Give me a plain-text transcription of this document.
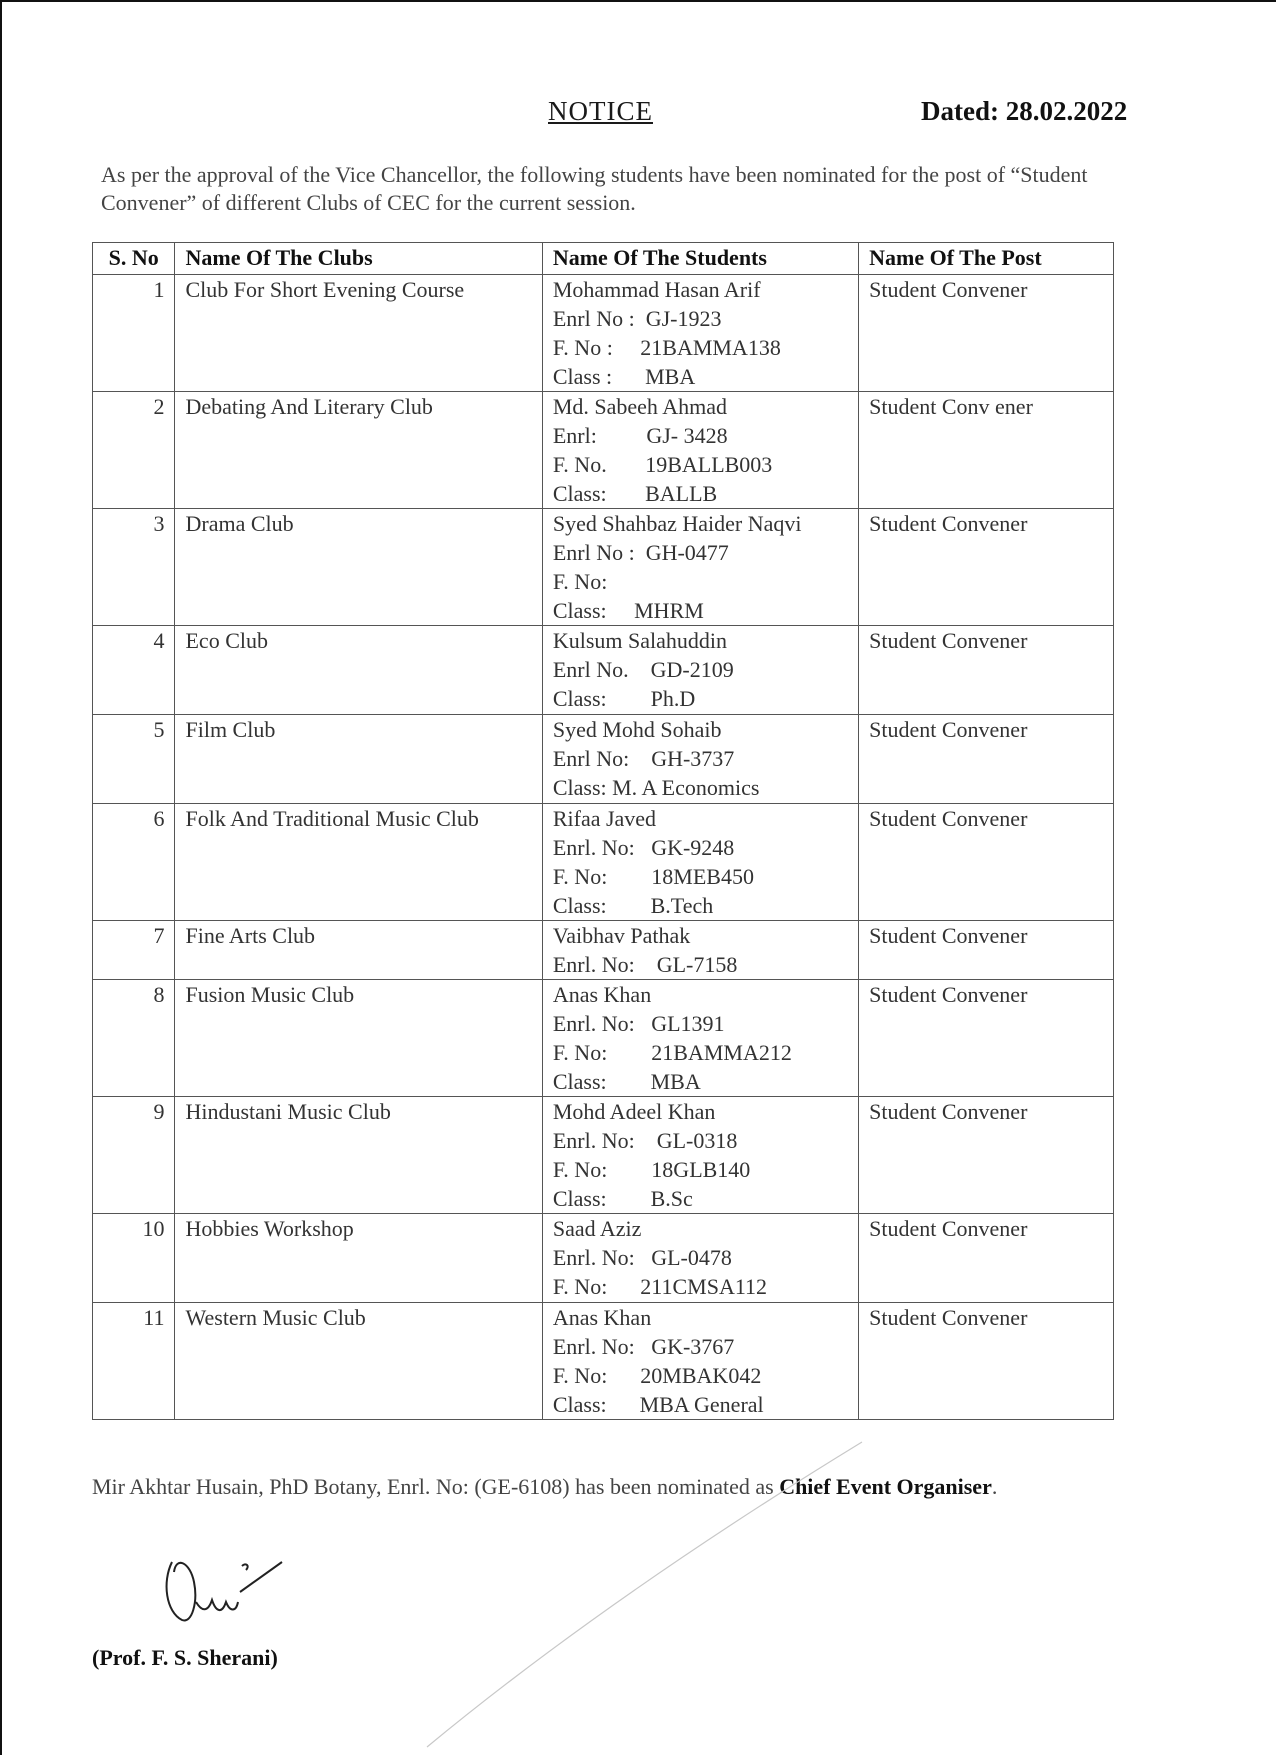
NOTICE	Dated: 28.02.2022
As per the approval of the Vice Chancellor, the following students have been nominated for the post of “Student Convener” of different Clubs of CEC for the current session.
S. No	Name Of The Clubs	Name Of The Students	Name Of The Post
1	Club For Short Evening Course	Mohammad Hasan Arif
Enrl No :  GJ-1923
F. No :     21BAMMA138
Class :      MBA	Student Convener
2	Debating And Literary Club	Md. Sabeeh Ahmad
Enrl:         GJ- 3428
F. No.       19BALLB003
Class:       BALLB	Student Conv ener
3	Drama Club	Syed Shahbaz Haider Naqvi
Enrl No :  GH-0477
F. No:
Class:     MHRM	Student Convener
4	Eco Club	Kulsum Salahuddin
Enrl No.    GD-2109
Class:        Ph.D	Student Convener
5	Film Club	Syed Mohd Sohaib
Enrl No:    GH-3737
Class: M. A Economics	Student Convener
6	Folk And Traditional Music Club	Rifaa Javed
Enrl. No:   GK-9248
F. No:        18MEB450
Class:        B.Tech	Student Convener
7	Fine Arts Club	Vaibhav Pathak
Enrl. No:    GL-7158	Student Convener
8	Fusion Music Club	Anas Khan
Enrl. No:   GL1391
F. No:        21BAMMA212
Class:        MBA	Student Convener
9	Hindustani Music Club	Mohd Adeel Khan
Enrl. No:    GL-0318
F. No:        18GLB140
Class:        B.Sc	Student Convener
10	Hobbies Workshop	Saad Aziz
Enrl. No:   GL-0478
F. No:      211CMSA112	Student Convener
11	Western Music Club	Anas Khan
Enrl. No:   GK-3767
F. No:      20MBAK042
Class:      MBA General	Student Convener
Mir Akhtar Husain, PhD Botany, Enrl. No: (GE-6108) has been nominated as Chief Event Organiser.
(Prof. F. S. Sherani)
